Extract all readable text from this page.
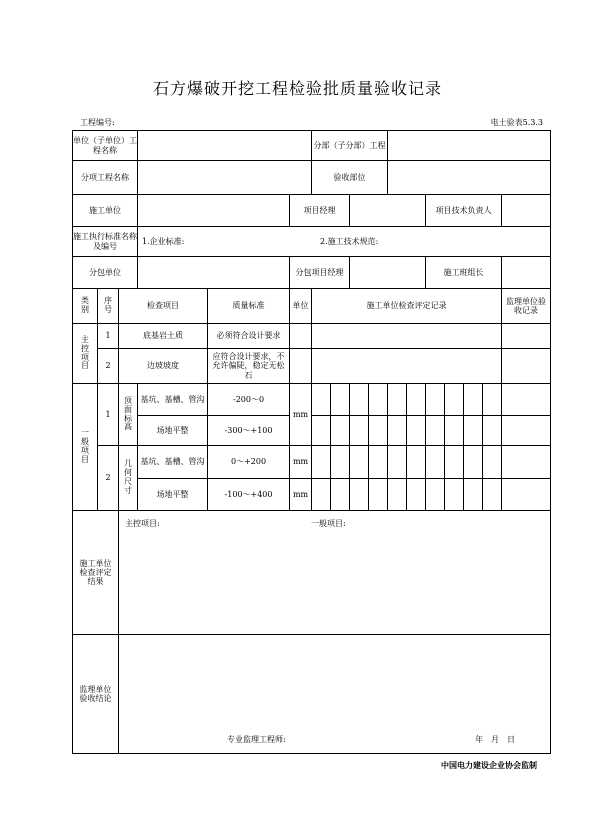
石方爆破开挖工程检验批质量验收记录
工程编号:	电土验表5.3.3
单位（子单位）工程名称						分部（子分部）工程										
分项工程名称						验收部位										
施工单位					项目经理							项目技术负责人				
施工执行标准名称及编号			1.企业标准: 2.施工技术规范:													
分包单位					分包项目经理							施工班组长				
类别	序号	检查项目		质量标准	单位	施工单位检查评定记录										监理单位验收记录
主控项目	1	底基岩土质		必须符合设计要求												
	2	边坡坡度		应符合设计要求，不允许偏陡，稳定无松石												
一般项目	1	顶面标高	基坑、基槽、管沟	-200～0	mm											
			场地平整	-300～+100												
	2	几何尺寸	基坑、基槽、管沟	0～+200	mm											
			场地平整	-100～+400	mm											
施工单位检查评定结果		主控项目: 一般项目:														

监理单位验收结论		专业监理工程师: 年　月　日														
中国电力建设企业协会监制
